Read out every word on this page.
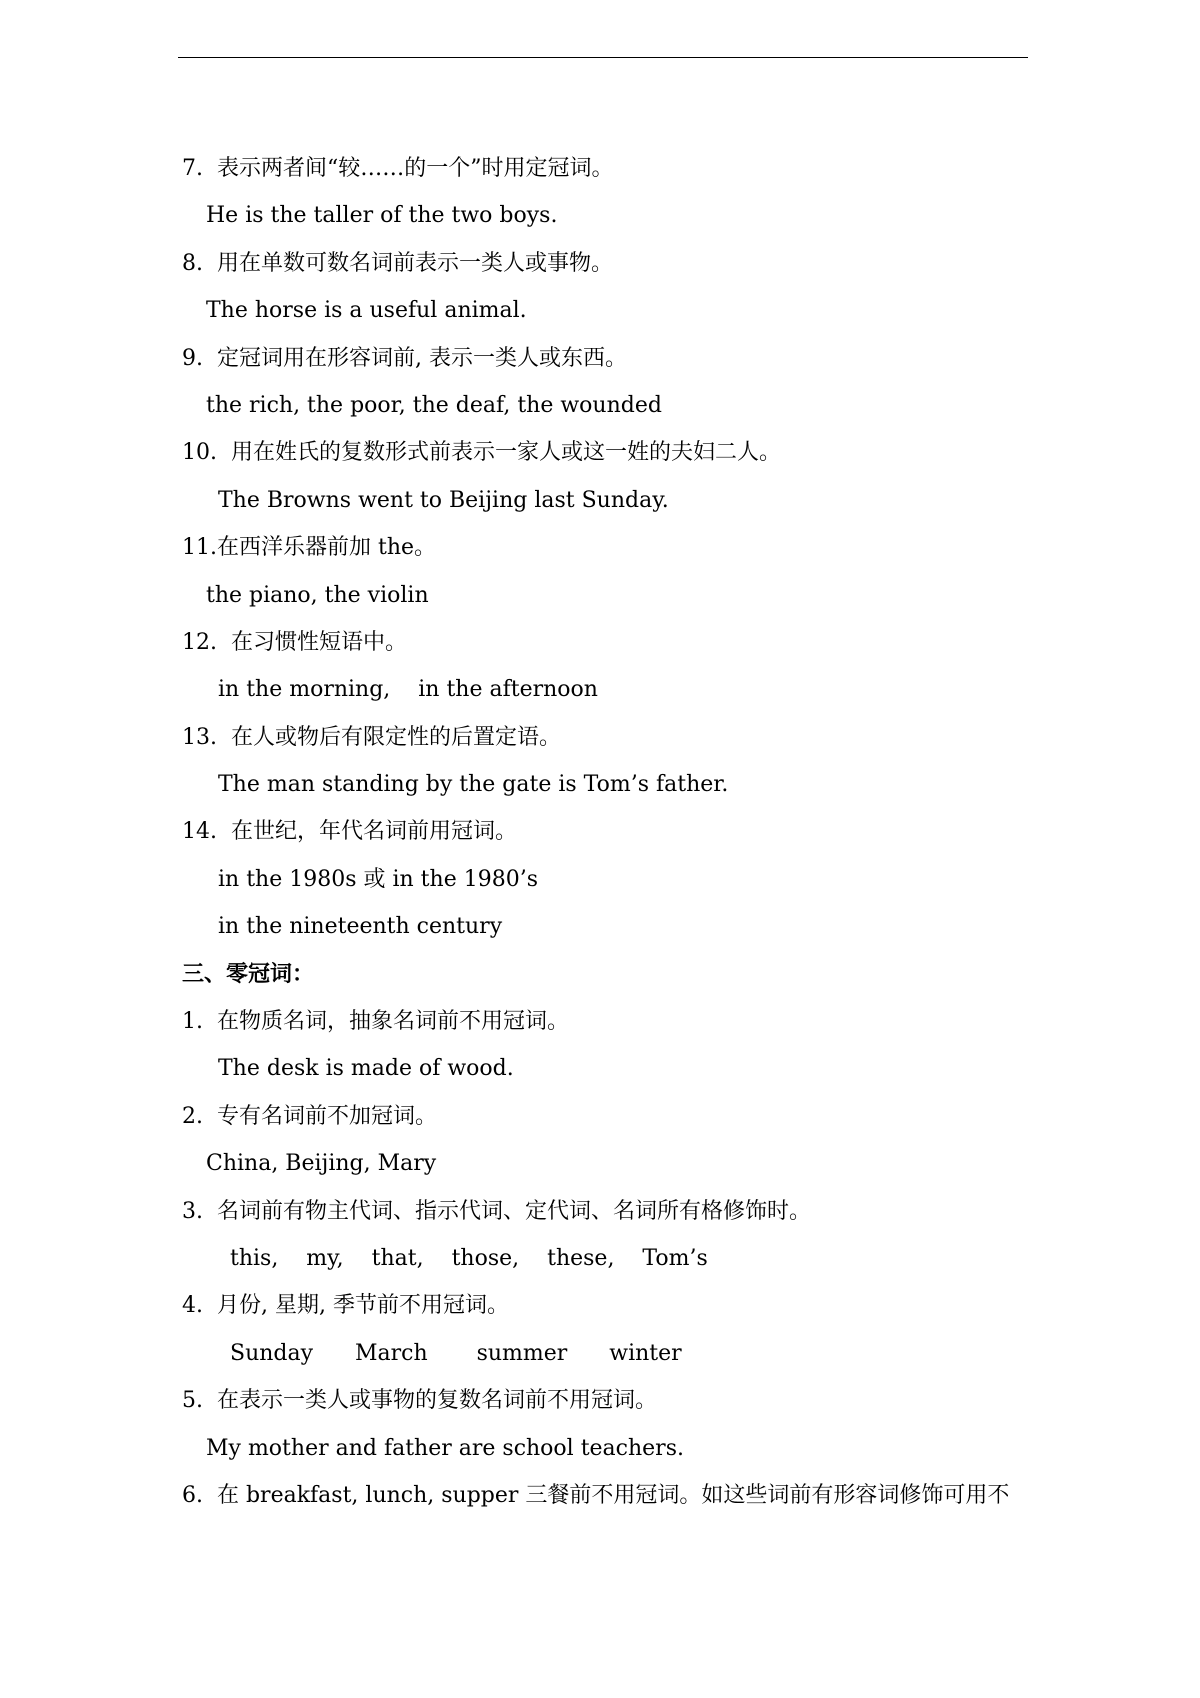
7.  表示两者间“较……的一个”时用定冠词。
He is the taller of the two boys.
8.  用在单数可数名词前表示一类人或事物。
The horse is a useful animal.
9.  定冠词用在形容词前, 表示一类人或东西。
the rich, the poor, the deaf, the wounded
10.  用在姓氏的复数形式前表示一家人或这一姓的夫妇二人。
The Browns went to Beijing last Sunday.
11.在西洋乐器前加 the。
the piano, the violin
12.  在习惯性短语中。
in the morning,    in the afternoon
13.  在人或物后有限定性的后置定语。
The man standing by the gate is Tom’s father.
14.  在世纪，年代名词前用冠词。
in the 1980s 或 in the 1980’s
in the nineteenth century
三、零冠词：
1.  在物质名词，抽象名词前不用冠词。
The desk is made of wood.
2.  专有名词前不加冠词。
China, Beijing, Mary
3.  名词前有物主代词、指示代词、定代词、名词所有格修饰时。
this,    my,    that,    those,    these,    Tom’s
4.  月份, 星期, 季节前不用冠词。
Sunday      March       summer      winter
5.  在表示一类人或事物的复数名词前不用冠词。
My mother and father are school teachers.
6.  在 breakfast, lunch, supper 三餐前不用冠词。如这些词前有形容词修饰可用不
